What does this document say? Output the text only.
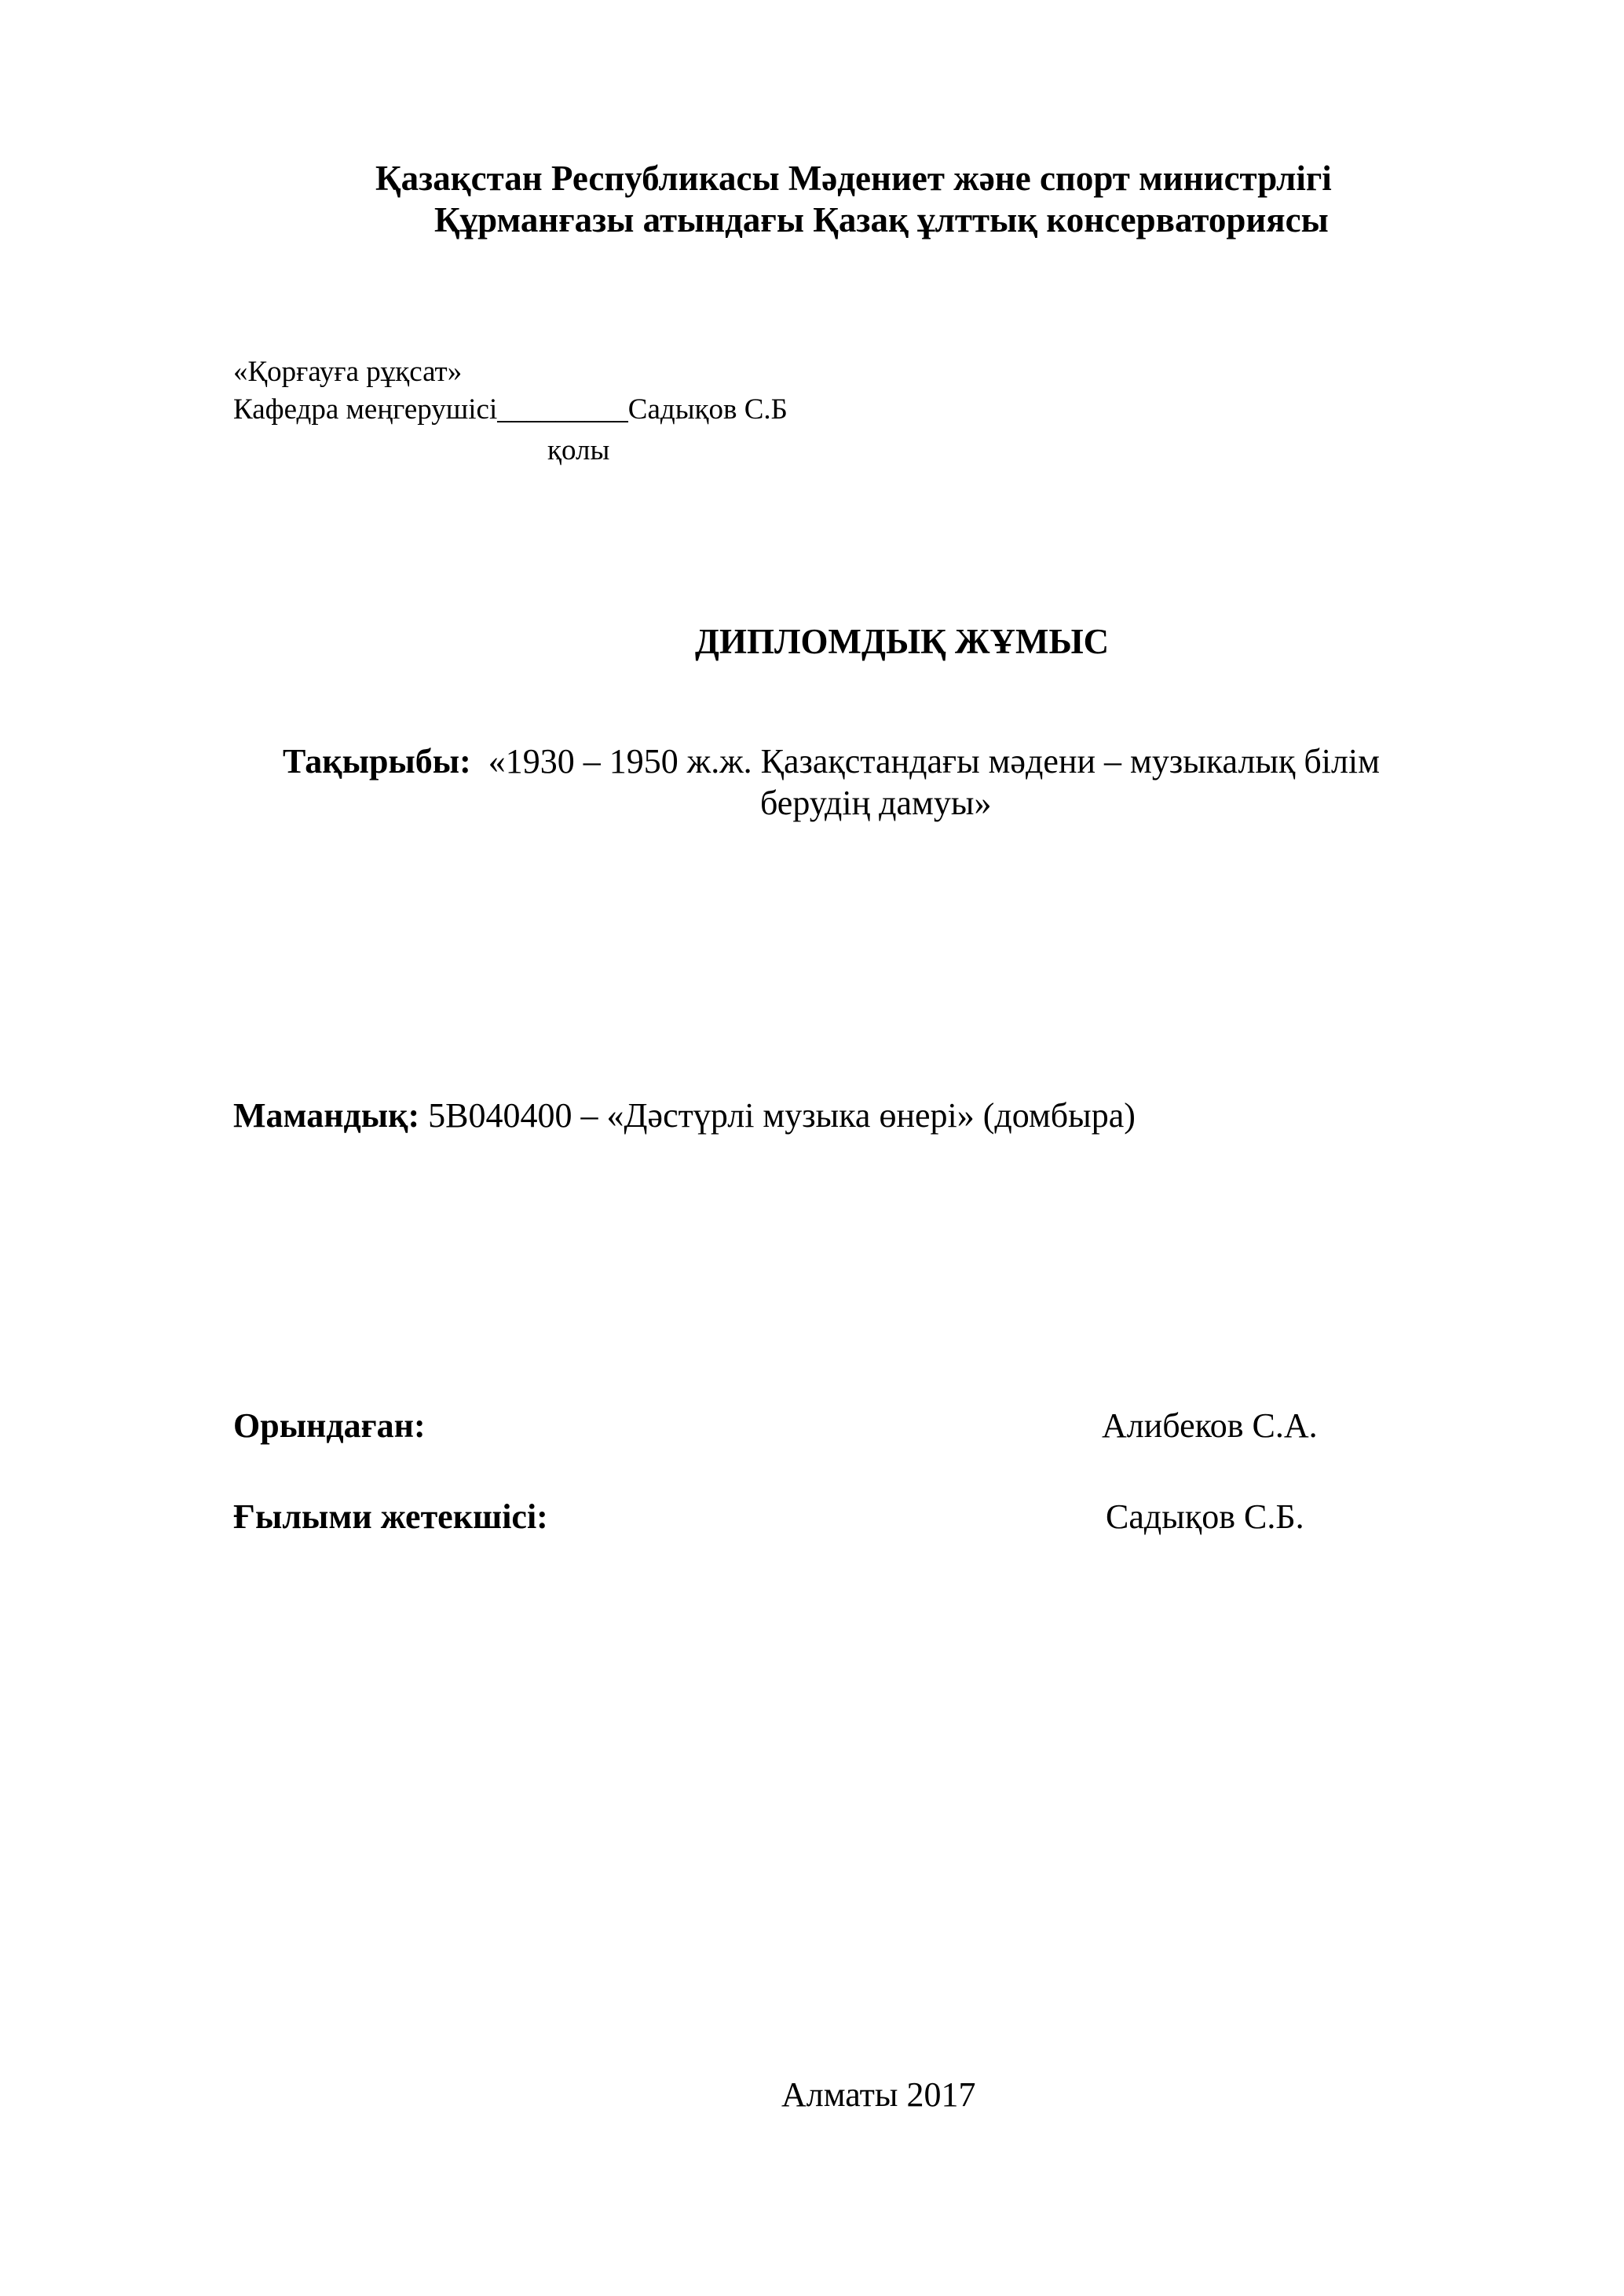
Қазақстан Республикасы Мәдениет және спорт министрлігі
Құрманғазы атындағы Қазақ ұлттық консерваториясы
«Қорғауға рұқсат»
Кафедра меңгерушісі_________Садықов С.Б
қолы
ДИПЛОМДЫҚ ЖҰМЫС
Тақырыбы: «1930 – 1950 ж.ж. Қазақстандағы мәдени – музыкалық білім
берудің дамуы»
Мамандық: 5В040400 – «Дәстүрлі музыка өнері» (домбыра)
Орындаған:	Алибеков С.А.
Ғылыми жетекшісі:	Садықов С.Б.
Алматы 2017
